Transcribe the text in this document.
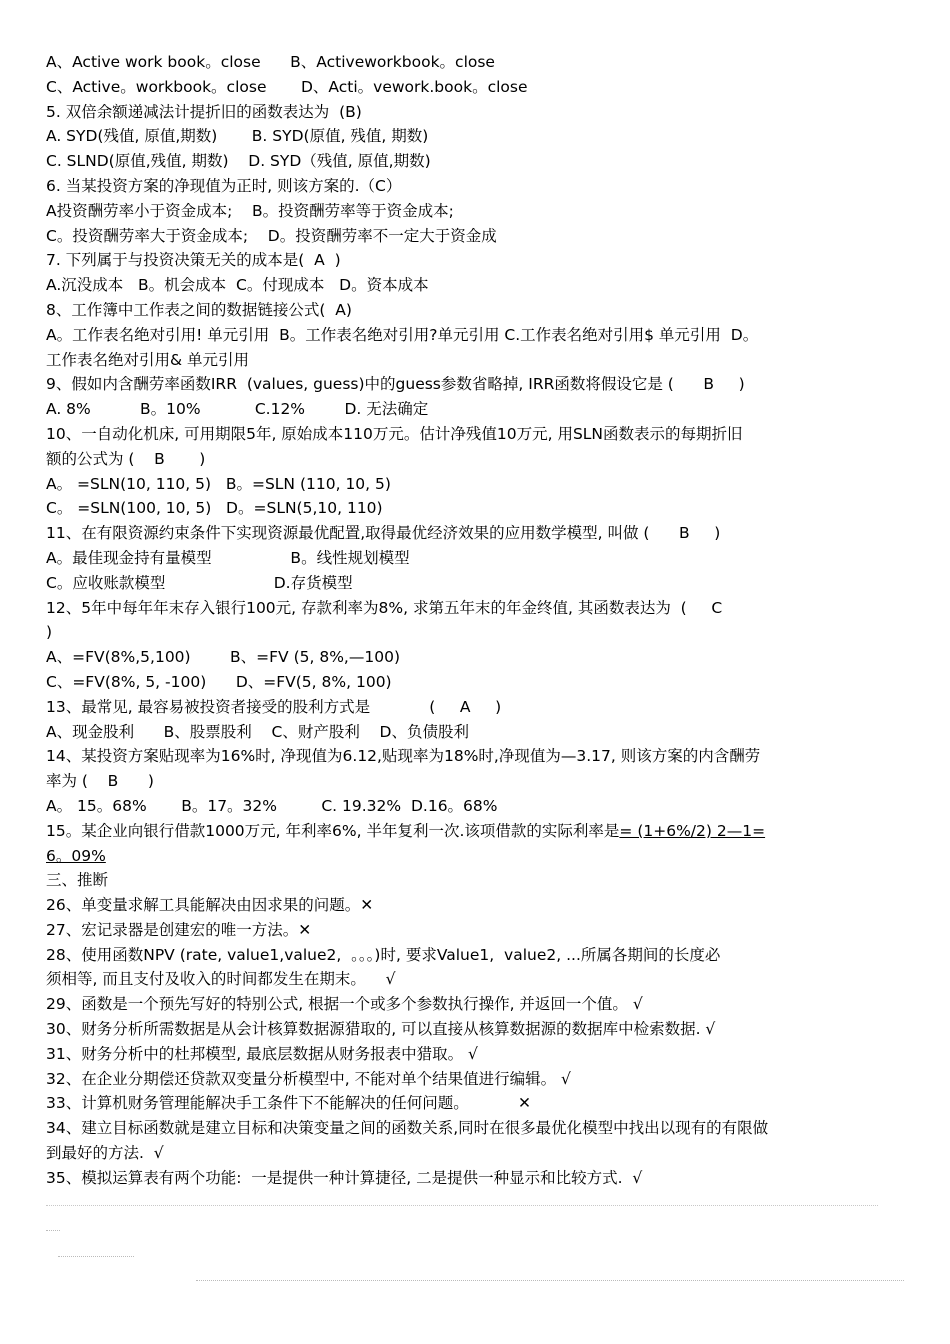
A、Active work book。close      B、Activeworkbook。close
C、Active。workbook。close       D、Acti。vework.book。close
5. 双倍余额递减法计提折旧的函数表达为  (B)
A. SYD(残值, 原值,期数)       B. SYD(原值, 残值, 期数)
C. SLND(原值,残值, 期数)    D. SYD（残值, 原值,期数)
6. 当某投资方案的净现值为正时, 则该方案的.（C）
A投资酬劳率小于资金成本;    B。投资酬劳率等于资金成本;
C。投资酬劳率大于资金成本;    D。投资酬劳率不一定大于资金成
7. 下列属于与投资决策无关的成本是(  A  )
A.沉没成本   B。机会成本  C。付现成本   D。资本成本
8、工作簿中工作表之间的数据链接公式(  A)
A。工作表名绝对引用! 单元引用  B。工作表名绝对引用?单元引用 C.工作表名绝对引用$ 单元引用  D。
工作表名绝对引用& 单元引用
9、假如内含酬劳率函数IRR  (values, guess)中的guess参数省略掉, IRR函数将假设它是 (      B     )
A. 8%          B。10%           C.12%        D. 无法确定
10、一自动化机床, 可用期限5年, 原始成本110万元。估计净残值10万元, 用SLN函数表示的每期折旧
额的公式为 (    B       )
A。 =SLN(10, 110, 5)   B。=SLN (110, 10, 5)
C。 =SLN(100, 10, 5)   D。=SLN(5,10, 110)
11、在有限资源约束条件下实现资源最优配置,取得最优经济效果的应用数学模型, 叫做 (      B     )
A。最佳现金持有量模型                B。线性规划模型
C。应收账款模型                      D.存货模型
12、5年中每年年末存入银行100元, 存款利率为8%, 求第五年末的年金终值, 其函数表达为  (     C
)
A、=FV(8%,5,100)        B、=FV (5, 8%,—100)
C、=FV(8%, 5, -100)      D、=FV(5, 8%, 100)
13、最常见, 最容易被投资者接受的股利方式是            (     A     )
A、现金股利      B、股票股利    C、财产股利    D、负债股利
14、某投资方案贴现率为16%时, 净现值为6.12,贴现率为18%时,净现值为—3.17, 则该方案的内含酬劳
率为 (    B      )
A。 15。68%       B。17。32%         C. 19.32%  D.16。68%
15。某企业向银行借款1000万元, 年利率6%, 半年复利一次.该项借款的实际利率是= (1+6%/2) 2—1=
6。09%
三、推断
26、单变量求解工具能解决由因求果的问题。✕
27、宏记录器是创建宏的唯一方法。✕
28、使用函数NPV (rate, value1,value2,  。。。)时, 要求Value1,  value2, ...所属各期间的长度必
须相等, 而且支付及收入的时间都发生在期末。    √
29、函数是一个预先写好的特别公式, 根据一个或多个参数执行操作, 并返回一个值。 √
30、财务分析所需数据是从会计核算数据源猎取的, 可以直接从核算数据源的数据库中检索数据. √
31、财务分析中的杜邦模型, 最底层数据从财务报表中猎取。 √
32、在企业分期偿还贷款双变量分析模型中, 不能对单个结果值进行编辑。 √
33、计算机财务管理能解决手工条件下不能解决的任何问题。          ✕
34、建立目标函数就是建立目标和决策变量之间的函数关系,同时在很多最优化模型中找出以现有的有限做
到最好的方法.  √
35、模拟运算表有两个功能:  一是提供一种计算捷径, 二是提供一种显示和比较方式.  √
